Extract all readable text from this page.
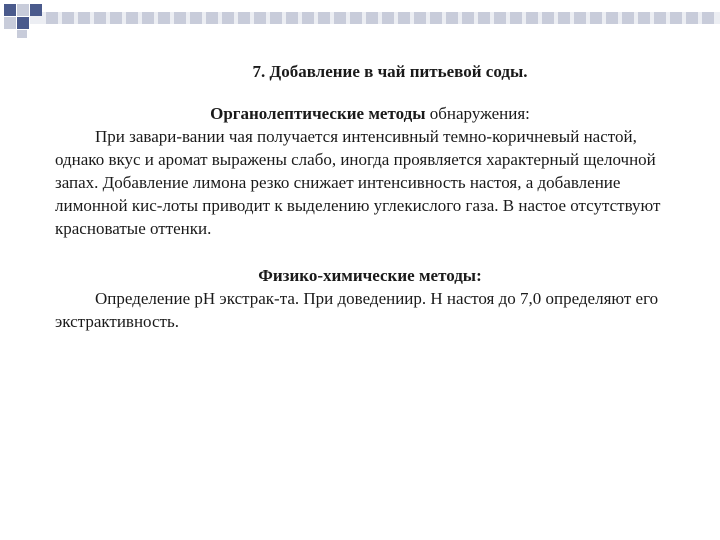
7. Добавление в чай питьевой соды.
Органолептические методы обнаружения:

При завари-вании чая получается интенсивный темно-коричневый настой, однако вкус и аромат выражены слабо, иногда проявляется характерный щелочной запах. Добавление лимона резко снижает интенсивность настоя, а добавление лимонной кис-лоты приводит к выделению углекислого газа. В настое отсутствуют красноватые оттенки.

Физико-химические методы:

Определение pH экстрак-та. При доведениир. Н настоя до 7,0 определяют его экстрактивность.
